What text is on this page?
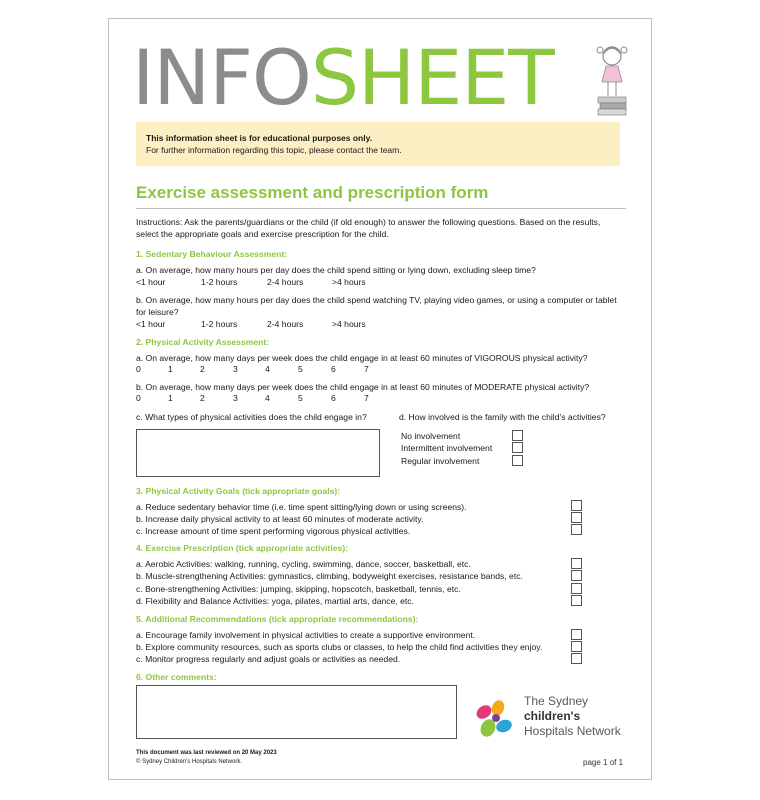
INFOSHEET
This information sheet is for educational purposes only.
For further information regarding this topic, please contact the team.
Exercise assessment and prescription form
Instructions: Ask the parents/guardians or the child (if old enough) to answer the following questions. Based on the results, select the appropriate goals and exercise prescription for the child.
1. Sedentary Behaviour Assessment:
a. On average, how many hours per day does the child spend sitting or lying down, excluding sleep time?
<1 hour	1-2 hours	2-4 hours	>4 hours
b. On average, how many hours per day does the child spend watching TV, playing video games, or using a computer or tablet for leisure?
<1 hour	1-2 hours	2-4 hours	>4 hours
2. Physical Activity Assessment:
a. On average, how many days per week does the child engage in at least 60 minutes of VIGOROUS physical activity?
0	1	2	3	4	5	6	7
b. On average, how many days per week does the child engage in at least 60 minutes of MODERATE physical activity?
0	1	2	3	4	5	6	7
c. What types of physical activities does the child engage in?	d. How involved is the family with the child’s activities?
No involvement
Intermittent involvement
Regular involvement
3. Physical Activity Goals (tick appropriate goals):
a. Reduce sedentary behavior time (i.e. time spent sitting/lying down or using screens).
b. Increase daily physical activity to at least 60 minutes of moderate activity.
c. Increase amount of time spent performing vigorous physical activities.
4. Exercise Prescription (tick appropriate activities):
a. Aerobic Activities: walking, running, cycling, swimming, dance, soccer, basketball, etc.
b. Muscle-strengthening Activities: gymnastics, climbing, bodyweight exercises, resistance bands, etc.
c. Bone-strengthening Activities: jumping, skipping, hopscotch, basketball, tennis, etc.
d. Flexibility and Balance Activities: yoga, pilates, martial arts, dance, etc.
5. Additional Recommendations (tick appropriate recommendations):
a. Encourage family involvement in physical activities to create a supportive environment.
b. Explore community resources, such as sports clubs or classes, to help the child find activities they enjoy.
c. Monitor progress regularly and adjust goals or activities as needed.
6. Other comments:
The Sydney
children's
Hospitals Network
This document was last reviewed on 20 May 2023
© Sydney Children’s Hospitals Network.	page 1 of 1
